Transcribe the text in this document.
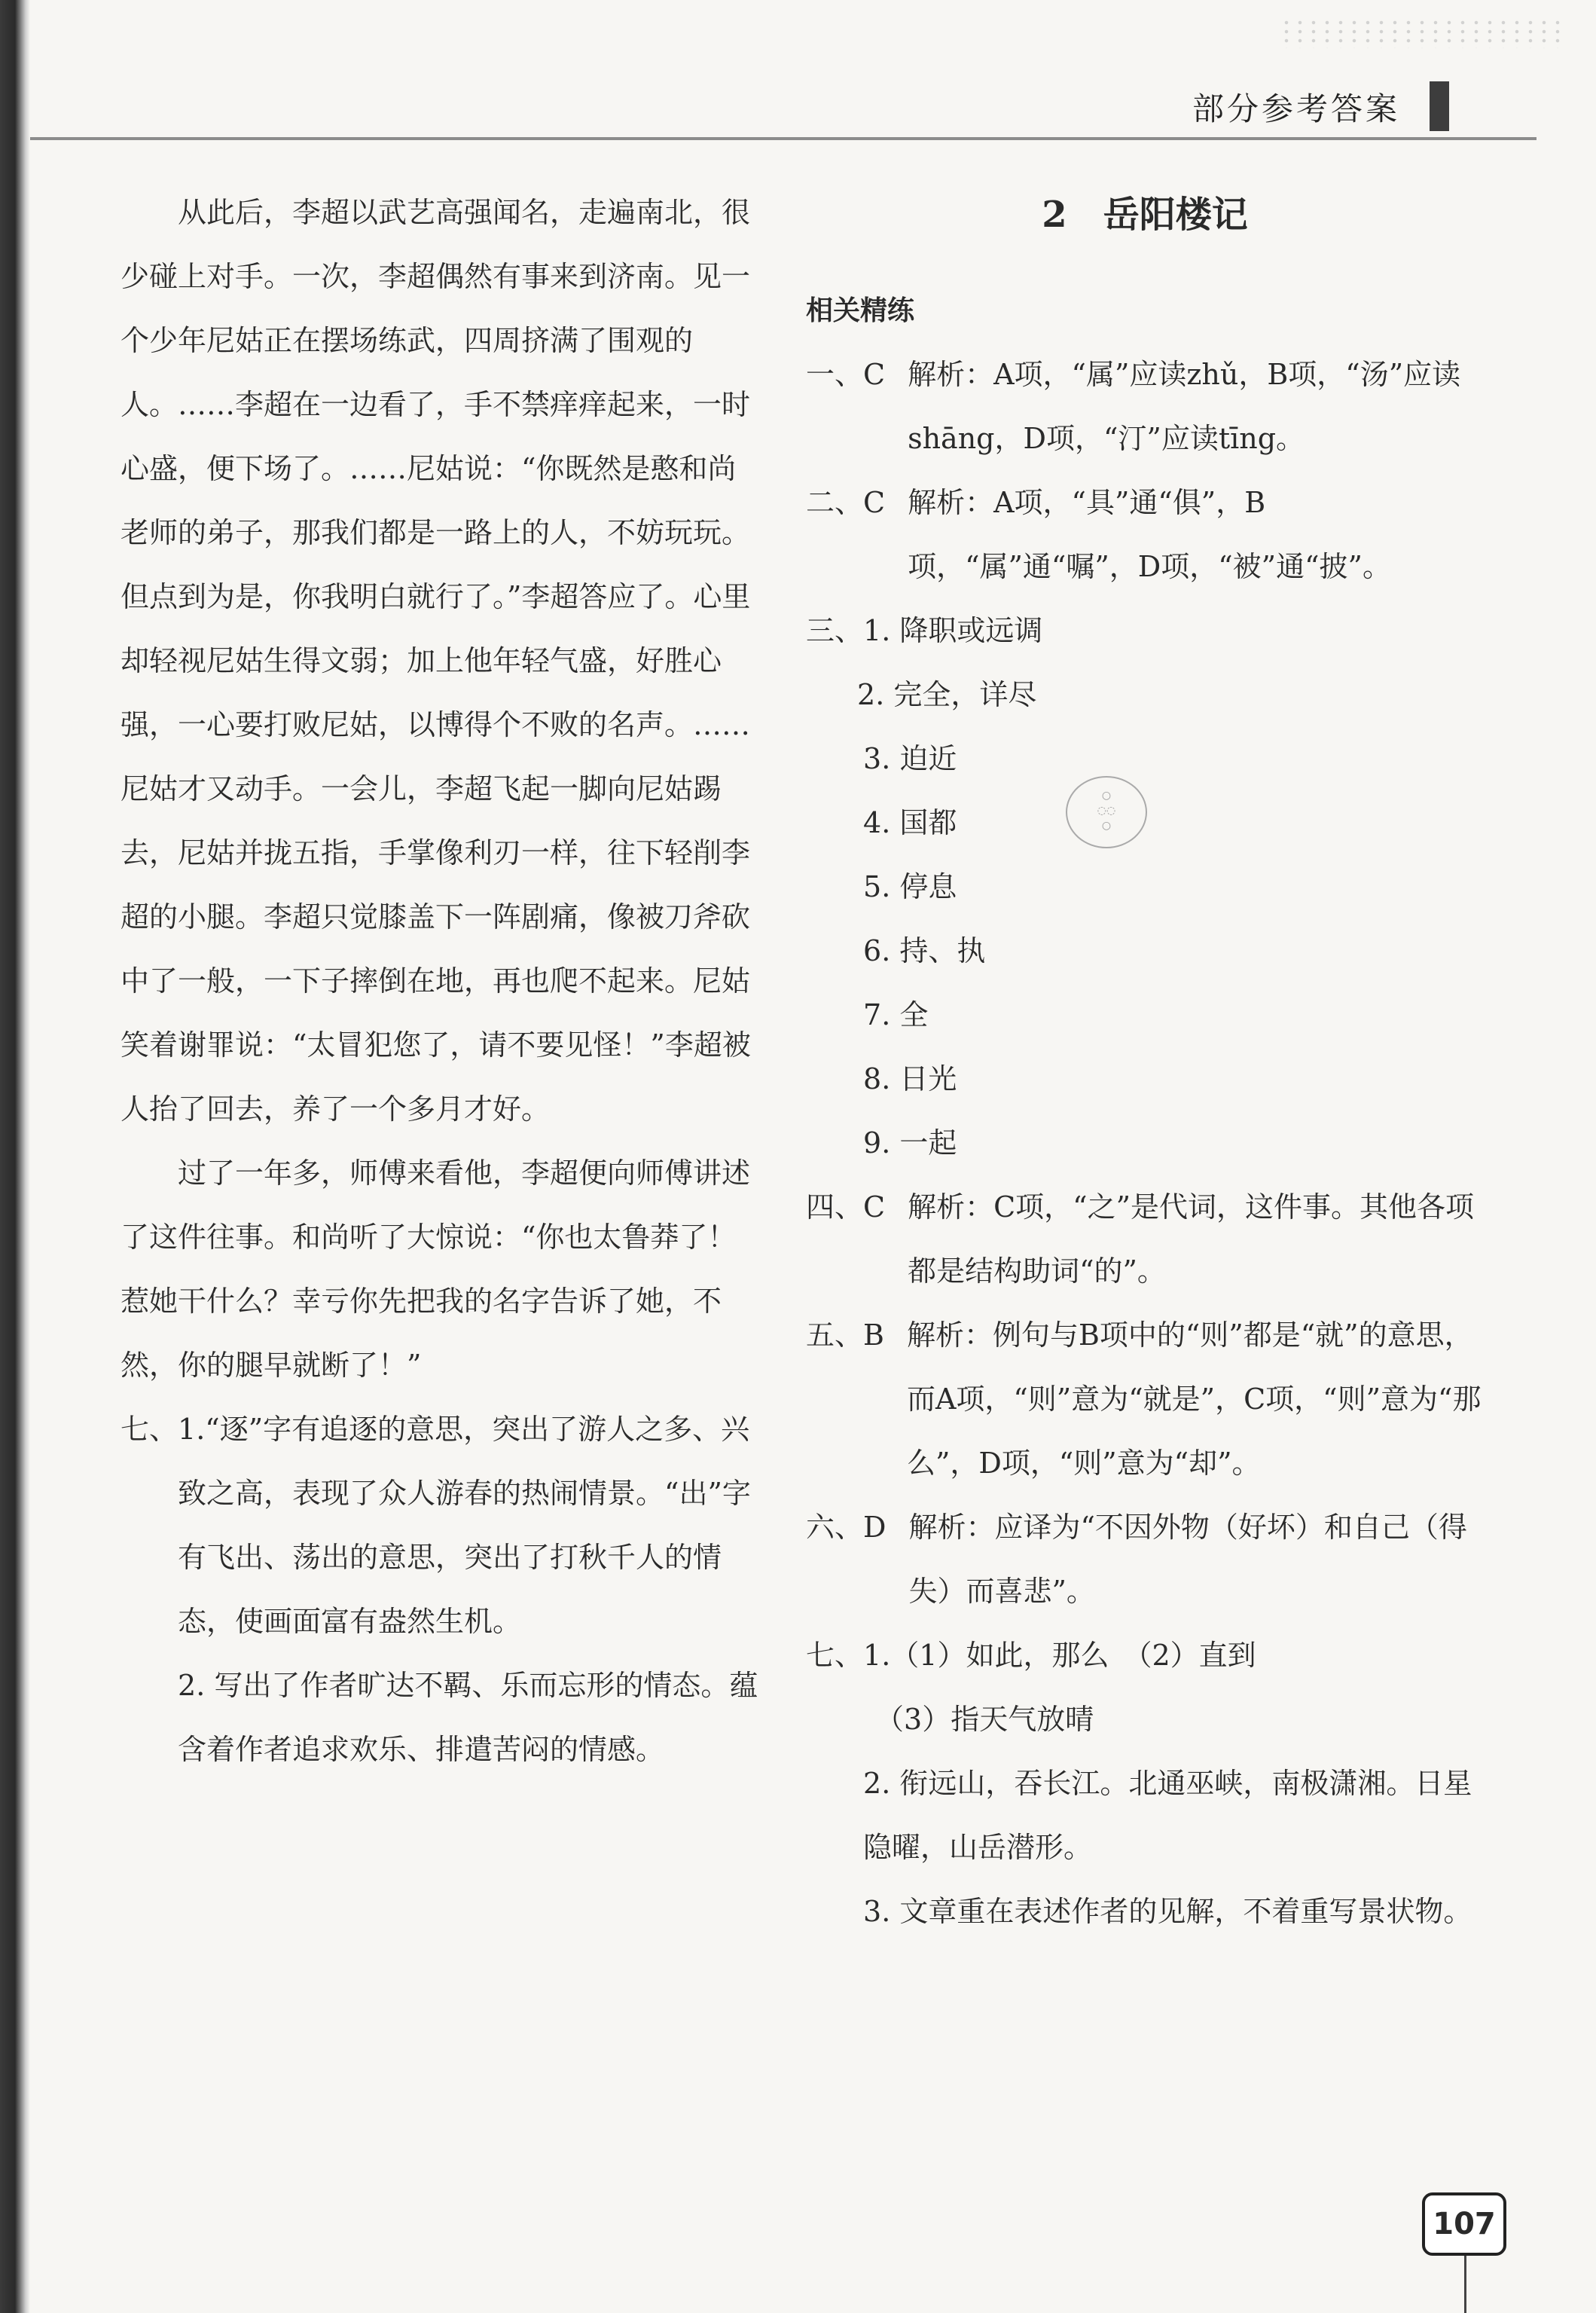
部分参考答案

从此后，李超以武艺高强闻名，走遍南北，很少碰上对手。一次，李超偶然有事来到济南。见一个少年尼姑正在摆场练武，四周挤满了围观的人。……李超在一边看了，手不禁痒痒起来，一时心盛，便下场了。……尼姑说：“你既然是憨和尚老师的弟子，那我们都是一路上的人，不妨玩玩。但点到为是，你我明白就行了。”李超答应了。心里却轻视尼姑生得文弱；加上他年轻气盛，好胜心强，一心要打败尼姑，以博得个不败的名声。……尼姑才又动手。一会儿，李超飞起一脚向尼姑踢去，尼姑并拢五指，手掌像利刃一样，往下轻削李超的小腿。李超只觉膝盖下一阵剧痛，像被刀斧砍中了一般，一下子摔倒在地，再也爬不起来。尼姑笑着谢罪说：“太冒犯您了，请不要见怪！”李超被人抬了回去，养了一个多月才好。

过了一年多，师傅来看他，李超便向师傅讲述了这件往事。和尚听了大惊说：“你也太鲁莽了！惹她干什么？幸亏你先把我的名字告诉了她，不然，你的腿早就断了！”

七、 1.“逐”字有追逐的意思，突出了游人之多、兴致之高，表现了众人游春的热闹情景。“出”字有飞出、荡出的意思，突出了打秋千人的情态，使画面富有盎然生机。

2. 写出了作者旷达不羁、乐而忘形的情态。蕴含着作者追求欢乐、排遣苦闷的情感。

2　岳阳楼记

相关精练

一、C 解析：A项，“属”应读zhǔ，B项，“汤”应读shāng，D项，“汀”应读tīng。
二、C 解析：A项，“具”通“俱”，B项，“属”通“嘱”，D项，“被”通“披”。
三、 1. 降职或远调

2. 完全，详尽

3. 迫近

4. 国都

5. 停息

6. 持、执

7. 全

8. 日光

9. 一起

四、C 解析：C项，“之”是代词，这件事。其他各项都是结构助词“的”。
五、B 解析：例句与B项中的“则”都是“就”的意思，而A项，“则”意为“就是”，C项，“则”意为“那么”，D项，“则”意为“却”。
六、D 解析：应译为“不因外物（好坏）和自己（得失）而喜悲”。
七、 1.（1）如此，那么　（2）直到

（3）指天气放晴

2. 衔远山，吞长江。北通巫峡，南极潇湘。日星隐曜，山岳潜形。

3. 文章重在表述作者的见解，不着重写景状物。

○
◌◌
○
107
